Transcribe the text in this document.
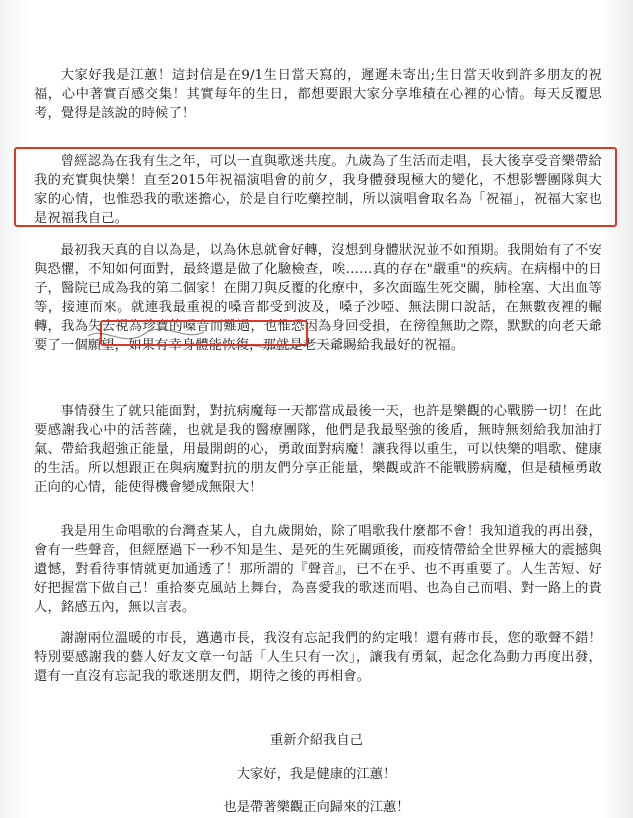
大家好我是江蕙！這封信是在9/1生日當天寫的，遲遲未寄出;生日當天收到許多朋友的祝福，心中著實百感交集！其實每年的生日，都想要跟大家分享堆積在心裡的心情。每天反覆思考，覺得是該說的時候了！

曾經認為在我有生之年，可以一直與歌迷共度。九歲為了生活而走唱，長大後享受音樂帶給我的充實與快樂！直至2015年祝福演唱會的前夕，我身體發現極大的變化，不想影響團隊與大家的心情，也惟恐我的歌迷擔心，於是自行吃藥控制，所以演唱會取名為「祝福」，祝福大家也是祝福我自己。

最初我天真的自以為是，以為休息就會好轉，沒想到身體狀況並不如預期。我開始有了不安與恐懼，不知如何面對，最終還是做了化驗檢查，唉……真的存在"嚴重"的疾病。在病榻中的日子，醫院已成為我的第二個家！在開刀與反覆的化療中，多次面臨生死交關，肺栓塞、大出血等等，接連而來。就連我最重視的嗓音都受到波及，嗓子沙啞、無法開口說話，在無數夜裡的輾轉，我為失去視為珍寶的嗓音而難過，也惟恐因為身回受損，在徬徨無助之際，默默的向老天爺要了一個願望，如果有幸身體能恢復，那就是老天爺賜給我最好的祝福。

事情發生了就只能面對，對抗病魔每一天都當成最後一天，也許是樂觀的心戰勝一切！在此要感謝我心中的活菩薩，也就是我的醫療團隊，他們是我最堅強的後盾，無時無刻給我加油打氣、帶給我超強正能量，用最開朗的心，勇敢面對病魔！讓我得以重生，可以快樂的唱歌、健康的生活。所以想跟正在與病魔對抗的朋友們分享正能量，樂觀或許不能戰勝病魔，但是積極勇敢正向的心情，能使得機會變成無限大！

我是用生命唱歌的台灣查某人，自九歲開始，除了唱歌我什麼都不會！我知道我的再出發，會有一些聲音，但經歷過下一秒不知是生、是死的生死關頭後，而疫情帶給全世界極大的震撼與遺憾，對看待事情就更加通透了！那所謂的『聲音』，已不在乎、也不再重要了。人生苦短、好好把握當下做自己！重拾麥克風站上舞台，為喜愛我的歌迷而唱、也為自己而唱、對一路上的貴人，銘感五內，無以言表。

謝謝兩位溫暖的市長，邁邁市長，我沒有忘記我們的約定哦！還有蔣市長，您的歌聲不錯！特別要感謝我的藝人好友文章一句話「人生只有一次」，讓我有勇氣，起念化為動力再度出發，還有一直沒有忘記我的歌迷朋友們，期待之後的再相會。

重新介紹我自己

大家好，我是健康的江蕙！

也是帶著樂觀正向歸來的江蕙！
